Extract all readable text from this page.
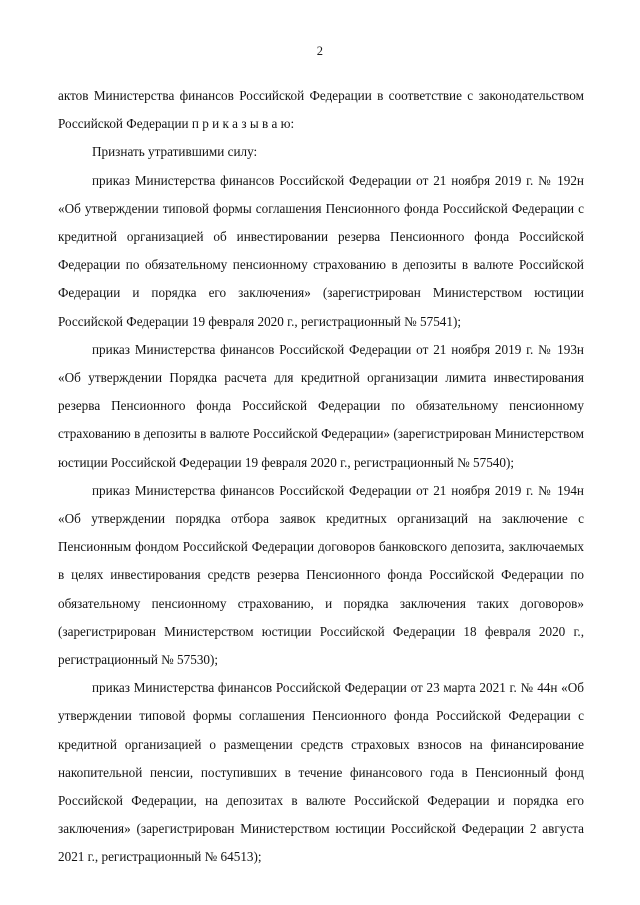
2

актов Министерства финансов Российской Федерации в соответствие с законодательством Российской Федерации п р и к а з ы в а ю:

Признать утратившими силу:

приказ Министерства финансов Российской Федерации от 21 ноября 2019 г. № 192н «Об утверждении типовой формы соглашения Пенсионного фонда Российской Федерации с кредитной организацией об инвестировании резерва Пенсионного фонда Российской Федерации по обязательному пенсионному страхованию в депозиты в валюте Российской Федерации и порядка его заключения» (зарегистрирован Министерством юстиции Российской Федерации 19 февраля 2020 г., регистрационный № 57541);

приказ Министерства финансов Российской Федерации от 21 ноября 2019 г. № 193н «Об утверждении Порядка расчета для кредитной организации лимита инвестирования резерва Пенсионного фонда Российской Федерации по обязательному пенсионному страхованию в депозиты в валюте Российской Федерации» (зарегистрирован Министерством юстиции Российской Федерации 19 февраля 2020 г., регистрационный № 57540);

приказ Министерства финансов Российской Федерации от 21 ноября 2019 г. № 194н «Об утверждении порядка отбора заявок кредитных организаций на заключение с Пенсионным фондом Российской Федерации договоров банковского депозита, заключаемых в целях инвестирования средств резерва Пенсионного фонда Российской Федерации по обязательному пенсионному страхованию, и порядка заключения таких договоров» (зарегистрирован Министерством юстиции Российской Федерации 18 февраля 2020 г., регистрационный № 57530);

приказ Министерства финансов Российской Федерации от 23 марта 2021 г. № 44н «Об утверждении типовой формы соглашения Пенсионного фонда Российской Федерации с кредитной организацией о размещении средств страховых взносов на финансирование накопительной пенсии, поступивших в течение финансового года в Пенсионный фонд Российской Федерации, на депозитах в валюте Российской Федерации и порядка его заключения» (зарегистрирован Министерством юстиции Российской Федерации 2 августа 2021 г., регистрационный № 64513);
